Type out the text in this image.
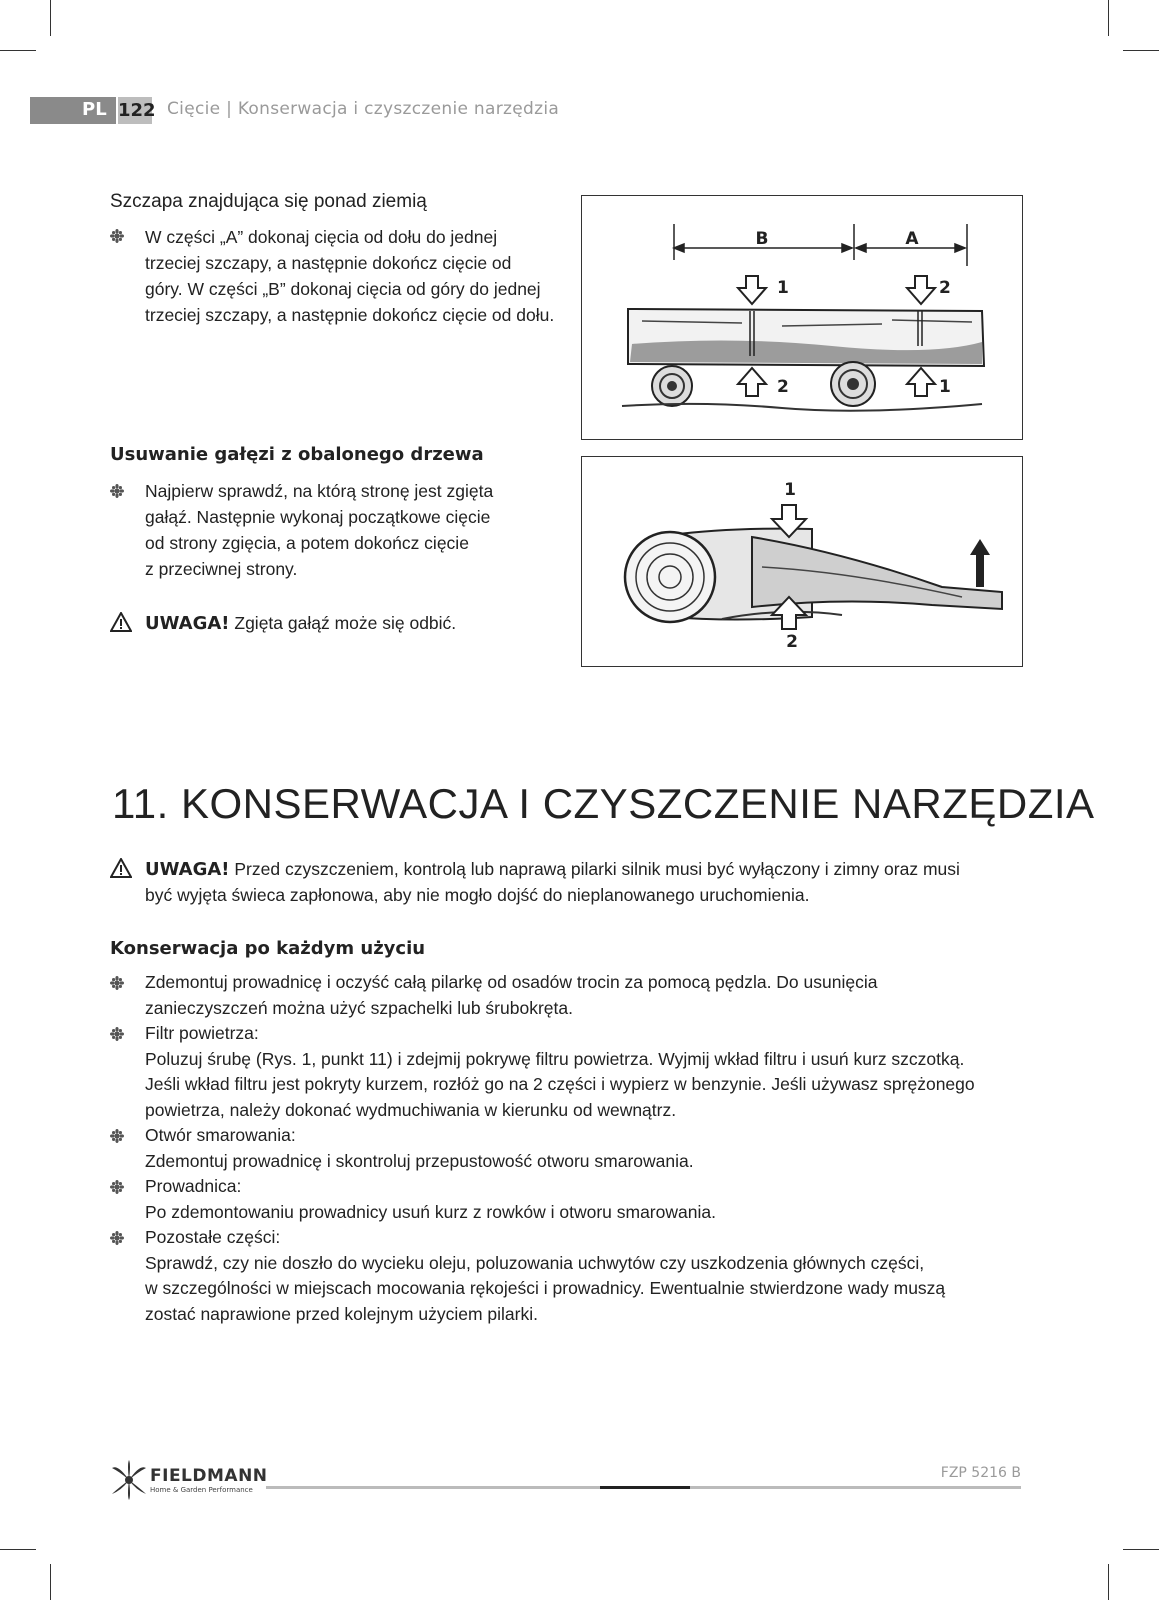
PL 122 Cięcie | Konserwacja i czyszczenie narzędzia
Szczapa znajdująca się ponad ziemią
W części „A” dokonaj cięcia od dołu do jednej
trzeciej szczapy, a następnie dokończ cięcie od
góry. W części „B” dokonaj cięcia od góry do jednej
trzeciej szczapy, a następnie dokończ cięcie od dołu.
B	A
1	2
2	1
Usuwanie gałęzi z obalonego drzewa
Najpierw sprawdź, na którą stronę jest zgięta
gałąź. Następnie wykonaj początkowe cięcie
od strony zgięcia, a potem dokończ cięcie
z przeciwnej strony.
UWAGA! Zgięta gałąź może się odbić.
1
2
11. KONSERWACJA I CZYSZCZENIE NARZĘDZIA
UWAGA! Przed czyszczeniem, kontrolą lub naprawą pilarki silnik musi być wyłączony i zimny oraz musi
być wyjęta świeca zapłonowa, aby nie mogło dojść do nieplanowanego uruchomienia.
Konserwacja po każdym użyciu
Zdemontuj prowadnicę i oczyść całą pilarkę od osadów trocin za pomocą pędzla. Do usunięcia
zanieczyszczeń można użyć szpachelki lub śrubokręta.
Filtr powietrza:
Poluzuj śrubę (Rys. 1, punkt 11) i zdejmij pokrywę filtru powietrza. Wyjmij wkład filtru i usuń kurz szczotką.
Jeśli wkład filtru jest pokryty kurzem, rozłóż go na 2 części i wypierz w benzynie. Jeśli używasz sprężonego
powietrza, należy dokonać wydmuchiwania w kierunku od wewnątrz.
Otwór smarowania:
Zdemontuj prowadnicę i skontroluj przepustowość otworu smarowania.
Prowadnica:
Po zdemontowaniu prowadnicy usuń kurz z rowków i otworu smarowania.
Pozostałe części:
Sprawdź, czy nie doszło do wycieku oleju, poluzowania uchwytów czy uszkodzenia głównych części,
w szczególności w miejscach mocowania rękojeści i prowadnicy. Ewentualnie stwierdzone wady muszą
zostać naprawione przed kolejnym użyciem pilarki.
FIELDMANN
Home & Garden Performance
FZP 5216 B
